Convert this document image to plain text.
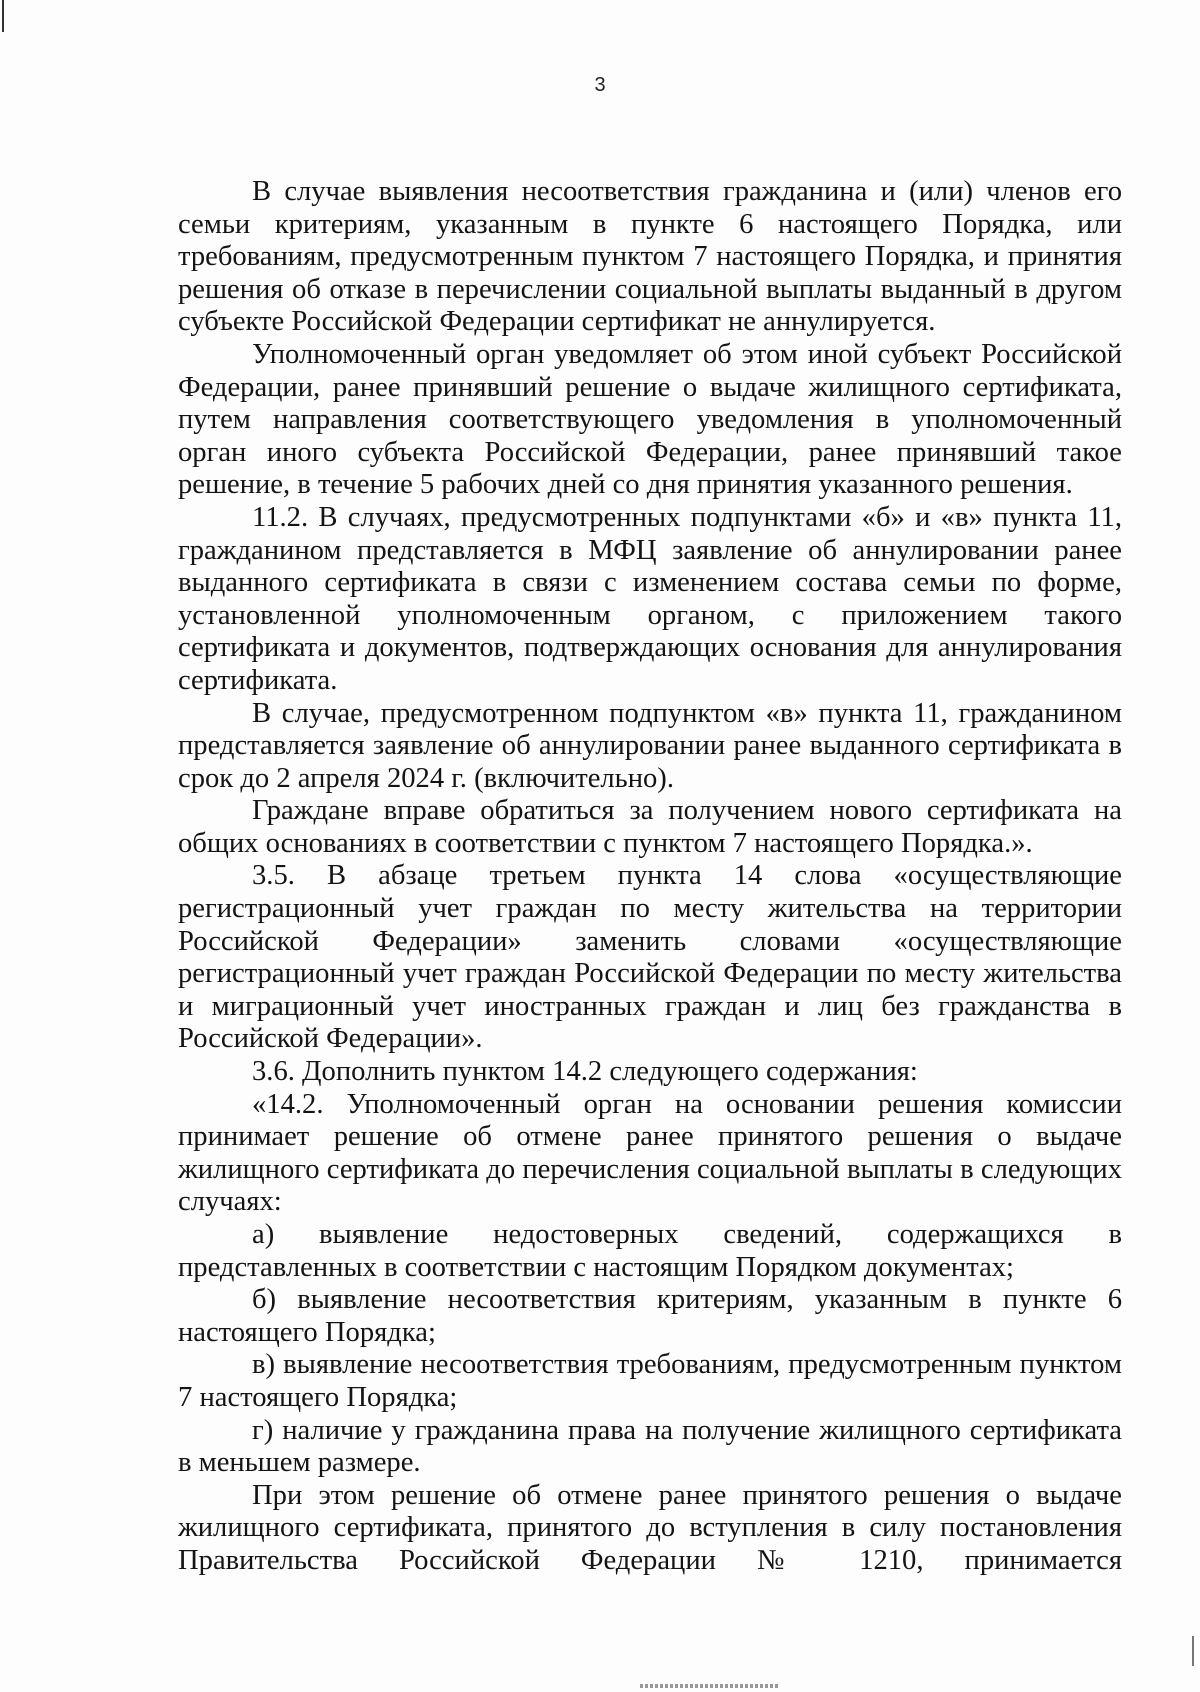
3

В случае выявления несоответствия гражданина и (или) членов его семьи критериям, указанным в пункте 6 настоящего Порядка, или требованиям, предусмотренным пунктом 7 настоящего Порядка, и принятия решения об отказе в перечислении социальной выплаты выданный в другом субъекте Российской Федерации сертификат не аннулируется.

Уполномоченный орган уведомляет об этом иной субъект Российской Федерации, ранее принявший решение о выдаче жилищного сертификата, путем направления соответствующего уведомления в уполномоченный орган иного субъекта Российской Федерации, ранее принявший такое решение, в течение 5 рабочих дней со дня принятия указанного решения.

11.2. В случаях, предусмотренных подпунктами «б» и «в» пункта 11, гражданином представляется в МФЦ заявление об аннулировании ранее выданного сертификата в связи с изменением состава семьи по форме, установленной уполномоченным органом, с приложением такого сертификата и документов, подтверждающих основания для аннулирования сертификата.

В случае, предусмотренном подпунктом «в» пункта 11, гражданином представляется заявление об аннулировании ранее выданного сертификата в срок до 2 апреля 2024 г. (включительно).

Граждане вправе обратиться за получением нового сертификата на общих основаниях в соответствии с пунктом 7 настоящего Порядка.».

3.5. В абзаце третьем пункта 14 слова «осуществляющие регистрационный учет граждан по месту жительства на территории Российской Федерации» заменить словами «осуществляющие регистрационный учет граждан Российской Федерации по месту жительства и миграционный учет иностранных граждан и лиц без гражданства в Российской Федерации».

3.6. Дополнить пунктом 14.2 следующего содержания:

«14.2. Уполномоченный орган на основании решения комиссии принимает решение об отмене ранее принятого решения о выдаче жилищного сертификата до перечисления социальной выплаты в следующих случаях:

а) выявление недостоверных сведений, содержащихся в представленных в соответствии с настоящим Порядком документах;

б) выявление несоответствия критериям, указанным в пункте 6 настоящего Порядка;

в) выявление несоответствия требованиям, предусмотренным пунктом 7 настоящего Порядка;

г) наличие у гражданина права на получение жилищного сертификата в меньшем размере.

При этом решение об отмене ранее принятого решения о выдаче жилищного сертификата, принятого до вступления в силу постановления Правительства Российской Федерации № 1210, принимается
